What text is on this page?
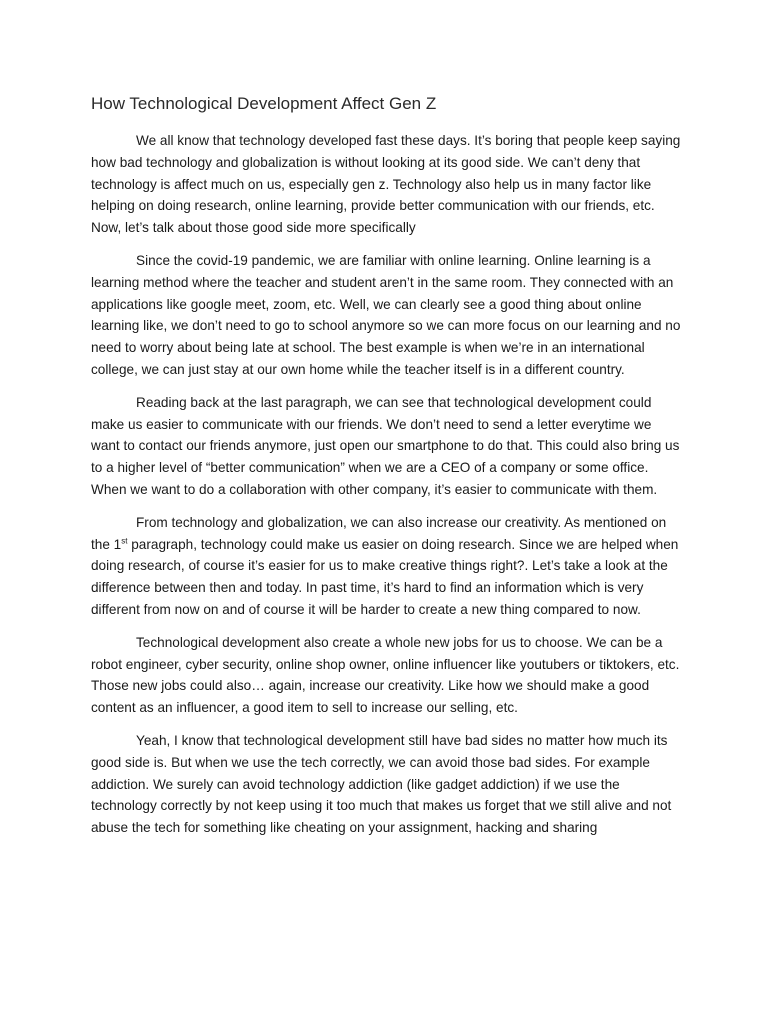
How Technological Development Affect Gen Z

We all know that technology developed fast these days. It’s boring that people keep saying how bad technology and globalization is without looking at its good side. We can’t deny that technology is affect much on us, especially gen z. Technology also help us in many factor like helping on doing research, online learning, provide better communication with our friends, etc. Now, let’s talk about those good side more specifically

Since the covid-19 pandemic, we are familiar with online learning. Online learning is a learning method where the teacher and student aren’t in the same room. They connected with an applications like google meet, zoom, etc. Well, we can clearly see a good thing about online learning like, we don’t need to go to school anymore so we can more focus on our learning and no need to worry about being late at school. The best example is when we’re in an international college, we can just stay at our own home while the teacher itself is in a different country.

Reading back at the last paragraph, we can see that technological development could make us easier to communicate with our friends. We don’t need to send a letter everytime we want to contact our friends anymore, just open our smartphone to do that. This could also bring us to a higher level of “better communication” when we are a CEO of a company or some office. When we want to do a collaboration with other company, it’s easier to communicate with them.

From technology and globalization, we can also increase our creativity. As mentioned on the 1st paragraph, technology could make us easier on doing research. Since we are helped when doing research, of course it’s easier for us to make creative things right?. Let’s take a look at the difference between then and today. In past time, it’s hard to find an information which is very different from now on and of course it will be harder to create a new thing compared to now.

Technological development also create a whole new jobs for us to choose. We can be a robot engineer, cyber security, online shop owner, online influencer like youtubers or tiktokers, etc. Those new jobs could also… again, increase our creativity. Like how we should make a good content as an influencer, a good item to sell to increase our selling, etc.

Yeah, I know that technological development still have bad sides no matter how much its good side is. But when we use the tech correctly, we can avoid those bad sides. For example addiction. We surely can avoid technology addiction (like gadget addiction) if we use the technology correctly by not keep using it too much that makes us forget that we still alive and not abuse the tech for something like cheating on your assignment, hacking and sharing
